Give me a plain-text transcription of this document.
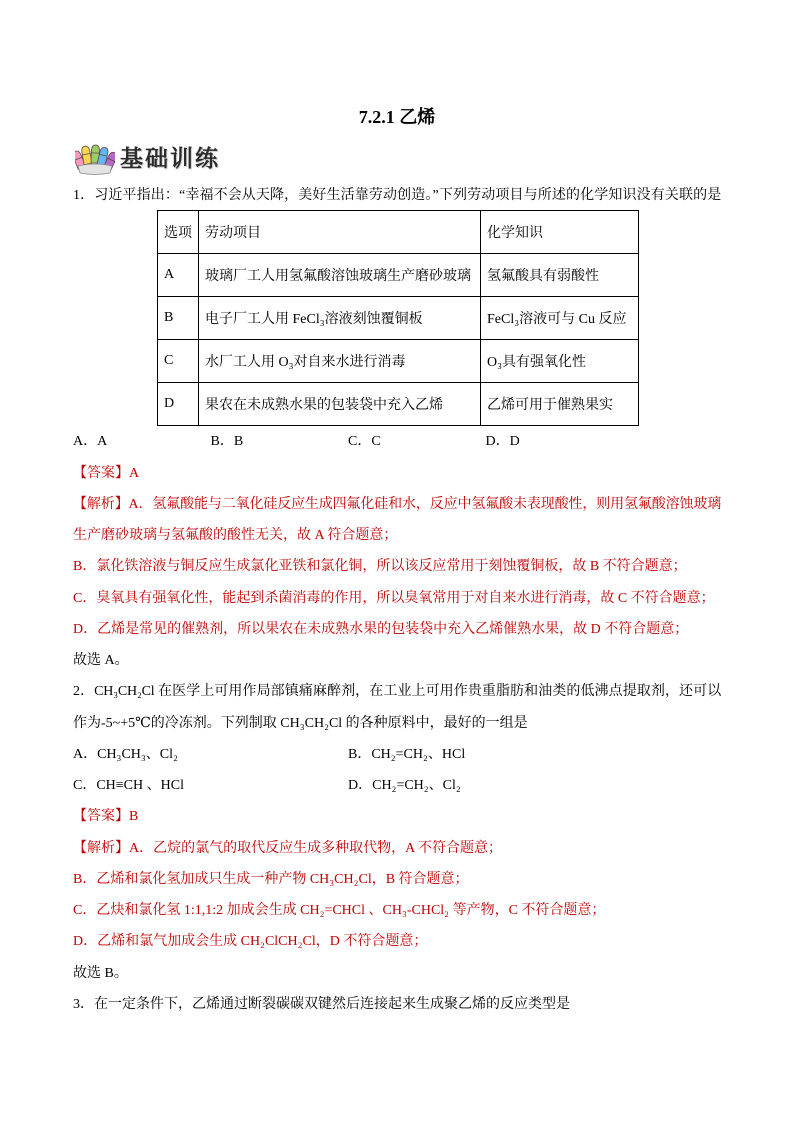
7.2.1 乙烯
基础训练
1．习近平指出：“幸福不会从天降，美好生活靠劳动创造。”下列劳动项目与所述的化学知识没有关联的是
选项	劳动项目	化学知识
A	玻璃厂工人用氢氟酸溶蚀玻璃生产磨砂玻璃	氢氟酸具有弱酸性
B	电子厂工人用 FeCl₃溶液刻蚀覆铜板	FeCl₃溶液可与 Cu 反应
C	水厂工人用 O₃对自来水进行消毒	O₃具有强氧化性
D	果农在未成熟水果的包装袋中充入乙烯	乙烯可用于催熟果实
A．A	B．B	C．C	D．D
【答案】A
【解析】A．氢氟酸能与二氧化硅反应生成四氟化硅和水，反应中氢氟酸未表现酸性，则用氢氟酸溶蚀玻璃
生产磨砂玻璃与氢氟酸的酸性无关，故 A 符合题意；
B．氯化铁溶液与铜反应生成氯化亚铁和氯化铜，所以该反应常用于刻蚀覆铜板，故 B 不符合题意；
C．臭氧具有强氧化性，能起到杀菌消毒的作用，所以臭氧常用于对自来水进行消毒，故 C 不符合题意；
D．乙烯是常见的催熟剂，所以果农在未成熟水果的包装袋中充入乙烯催熟水果，故 D 不符合题意；
故选 A。
2．CH₃CH₂Cl 在医学上可用作局部镇痛麻醉剂，在工业上可用作贵重脂肪和油类的低沸点提取剂，还可以
作为-5~+5℃的冷冻剂。下列制取 CH₃CH₂Cl 的各种原料中，最好的一组是
A．CH₃CH₃、Cl₂	B．CH₂=CH₂、HCl
C．CH≡CH 、HCl	D．CH₂=CH₂、Cl₂
【答案】B
【解析】A．乙烷的氯气的取代反应生成多种取代物，A 不符合题意；
B．乙烯和氯化氢加成只生成一种产物 CH₃CH₂Cl，B 符合题意；
C．乙炔和氯化氢 1:1,1:2 加成会生成 CH₂=CHCl 、CH₃-CHCl₂ 等产物，C 不符合题意；
D．乙烯和氯气加成会生成 CH₂ClCH₂Cl，D 不符合题意；
故选 B。
3．在一定条件下，乙烯通过断裂碳碳双键然后连接起来生成聚乙烯的反应类型是
